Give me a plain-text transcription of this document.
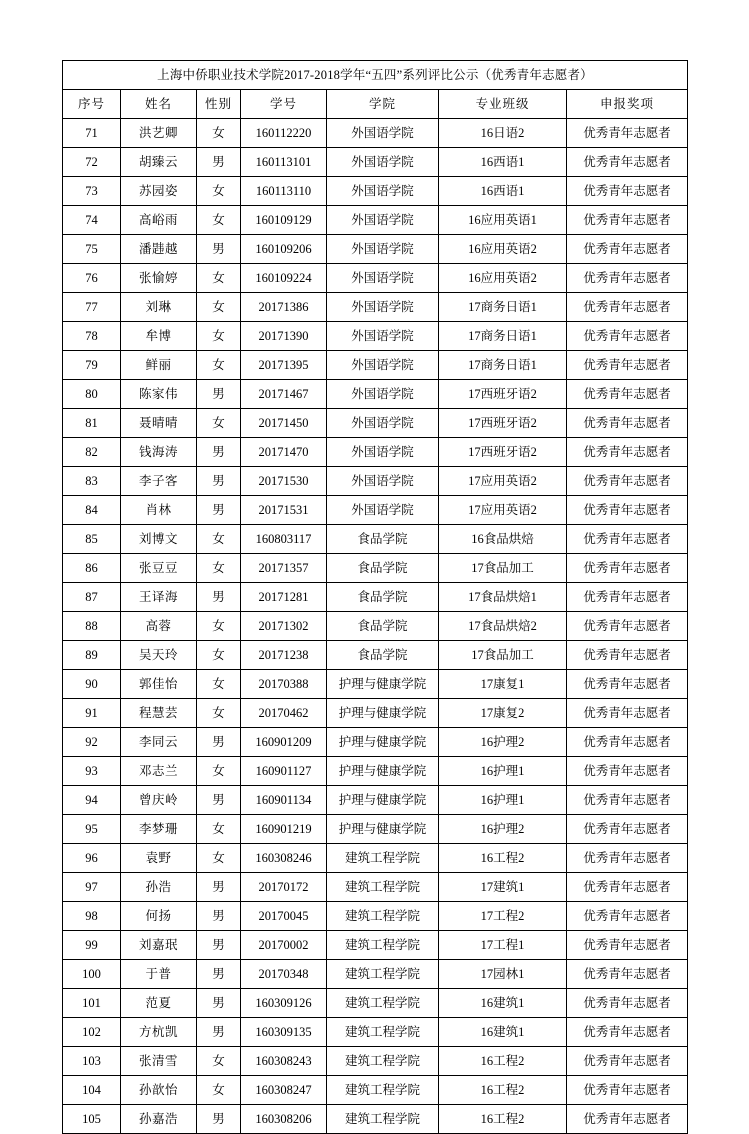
上海中侨职业技术学院2017-2018学年“五四”系列评比公示（优秀青年志愿者）						
序号	姓名	性别	学号	学院	专业班级	申报奖项
71	洪艺卿	女	160112220	外国语学院	16日语2	优秀青年志愿者
72	胡臻云	男	160113101	外国语学院	16西语1	优秀青年志愿者
73	苏园姿	女	160113110	外国语学院	16西语1	优秀青年志愿者
74	高峪雨	女	160109129	外国语学院	16应用英语1	优秀青年志愿者
75	潘韪越	男	160109206	外国语学院	16应用英语2	优秀青年志愿者
76	张愉婷	女	160109224	外国语学院	16应用英语2	优秀青年志愿者
77	刘琳	女	20171386	外国语学院	17商务日语1	优秀青年志愿者
78	牟博	女	20171390	外国语学院	17商务日语1	优秀青年志愿者
79	鲜丽	女	20171395	外国语学院	17商务日语1	优秀青年志愿者
80	陈家伟	男	20171467	外国语学院	17西班牙语2	优秀青年志愿者
81	聂晴晴	女	20171450	外国语学院	17西班牙语2	优秀青年志愿者
82	钱海涛	男	20171470	外国语学院	17西班牙语2	优秀青年志愿者
83	李子客	男	20171530	外国语学院	17应用英语2	优秀青年志愿者
84	肖林	男	20171531	外国语学院	17应用英语2	优秀青年志愿者
85	刘博文	女	160803117	食品学院	16食品烘焙	优秀青年志愿者
86	张豆豆	女	20171357	食品学院	17食品加工	优秀青年志愿者
87	王译海	男	20171281	食品学院	17食品烘焙1	优秀青年志愿者
88	高蓉	女	20171302	食品学院	17食品烘焙2	优秀青年志愿者
89	吴天玲	女	20171238	食品学院	17食品加工	优秀青年志愿者
90	郭佳怡	女	20170388	护理与健康学院	17康复1	优秀青年志愿者
91	程慧芸	女	20170462	护理与健康学院	17康复2	优秀青年志愿者
92	李同云	男	160901209	护理与健康学院	16护理2	优秀青年志愿者
93	邓志兰	女	160901127	护理与健康学院	16护理1	优秀青年志愿者
94	曾庆岭	男	160901134	护理与健康学院	16护理1	优秀青年志愿者
95	李梦珊	女	160901219	护理与健康学院	16护理2	优秀青年志愿者
96	袁野	女	160308246	建筑工程学院	16工程2	优秀青年志愿者
97	孙浩	男	20170172	建筑工程学院	17建筑1	优秀青年志愿者
98	何扬	男	20170045	建筑工程学院	17工程2	优秀青年志愿者
99	刘嘉珉	男	20170002	建筑工程学院	17工程1	优秀青年志愿者
100	于普	男	20170348	建筑工程学院	17园林1	优秀青年志愿者
101	范夏	男	160309126	建筑工程学院	16建筑1	优秀青年志愿者
102	方杭凯	男	160309135	建筑工程学院	16建筑1	优秀青年志愿者
103	张清雪	女	160308243	建筑工程学院	16工程2	优秀青年志愿者
104	孙歆怡	女	160308247	建筑工程学院	16工程2	优秀青年志愿者
105	孙嘉浩	男	160308206	建筑工程学院	16工程2	优秀青年志愿者
